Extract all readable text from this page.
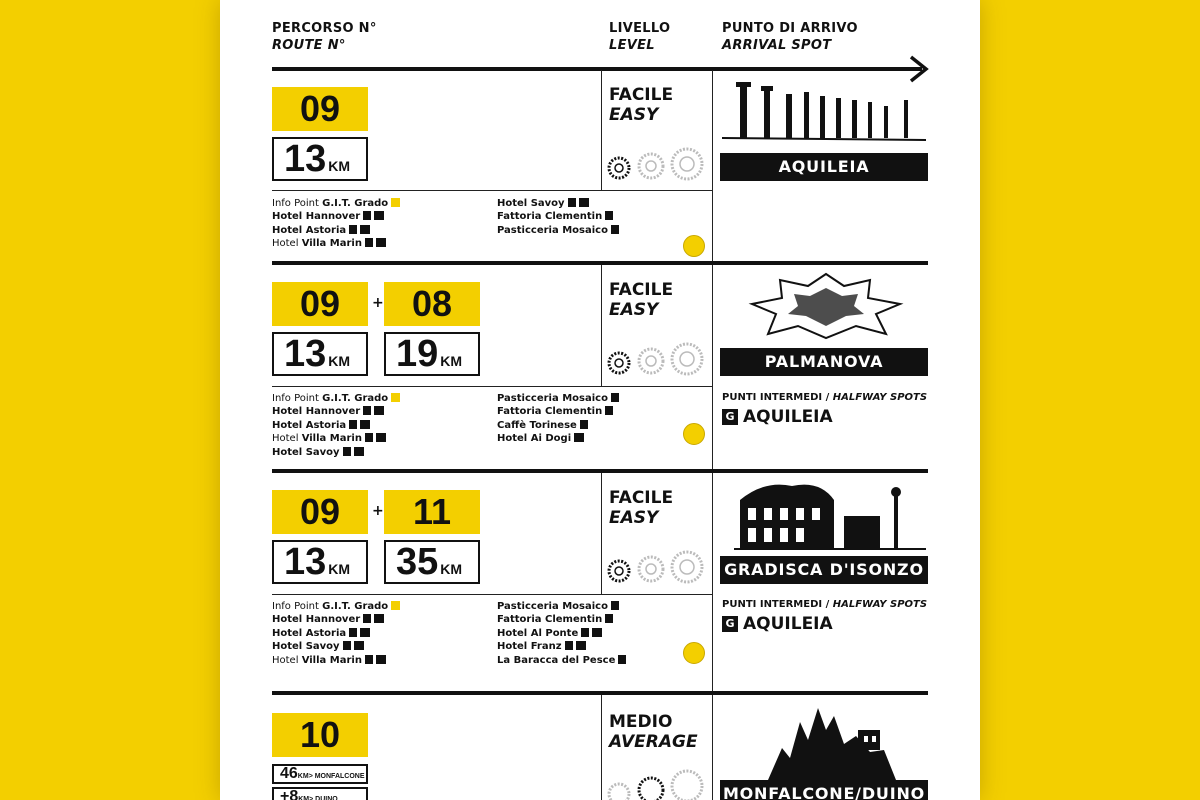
PERCORSO N°
ROUTE N°
LIVELLO
LEVEL
PUNTO DI ARRIVO
ARRIVAL SPOT
09
13 KM
FACILE
EASY
Info Point G.I.T. Grado
Hotel Hannover
Hotel Astoria
Hotel Villa Marin
Hotel Savoy
Fattoria Clementin
Pasticceria Mosaico
AQUILEIA
09
13 KM
+ 08
19 KM
FACILE
EASY
Info Point G.I.T. Grado
Hotel Hannover
Hotel Astoria
Hotel Villa Marin
Hotel Savoy
Pasticceria Mosaico
Fattoria Clementin
Caffè Torinese
Hotel Ai Dogi
PALMANOVA
PUNTI INTERMEDI / HALFWAY SPOTS
G AQUILEIA
09
13 KM
+ 11
35 KM
FACILE
EASY
Info Point G.I.T. Grado
Hotel Hannover
Hotel Astoria
Hotel Savoy
Hotel Villa Marin
Pasticceria Mosaico
Fattoria Clementin
Hotel Al Ponte
Hotel Franz
La Baracca del Pesce
GRADISCA D'ISONZO
PUNTI INTERMEDI / HALFWAY SPOTS
G AQUILEIA
10
46KM> MONFALCONE
+8KM> DUINO
MEDIO
AVERAGE
MONFALCONE/DUINO
